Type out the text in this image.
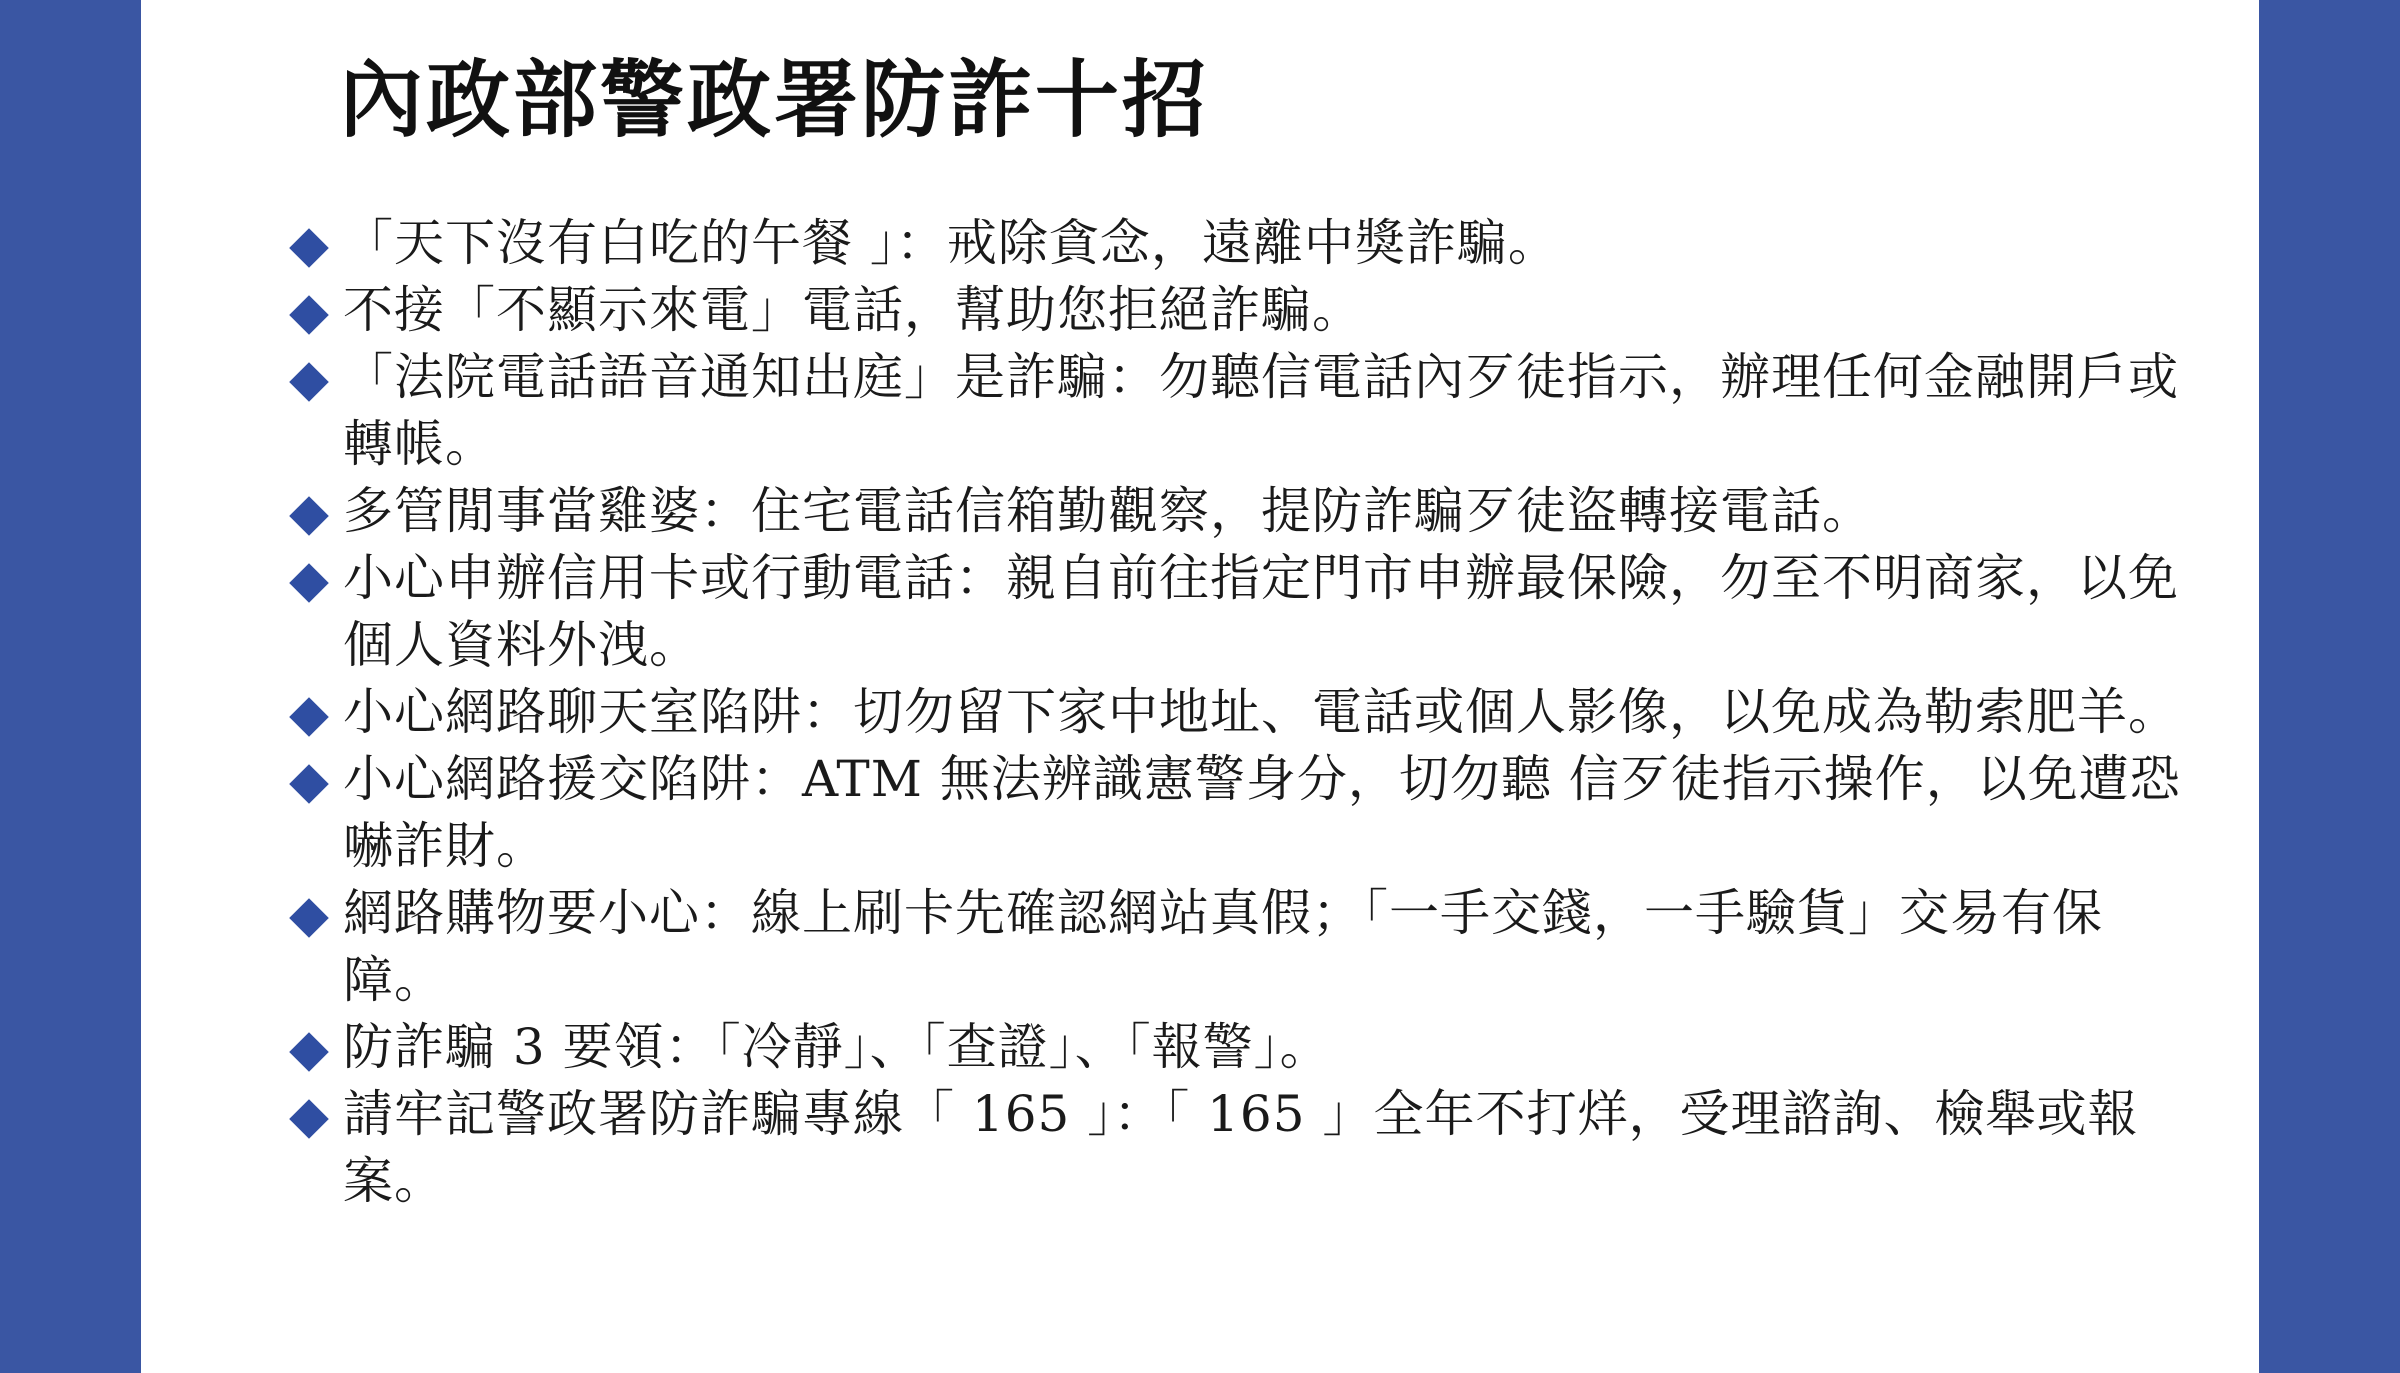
內政部警政署防詐十招
「天下沒有白吃的午餐 」：戒除貪念，遠離中獎詐騙。
不接「不顯示來電」電話，幫助您拒絕詐騙。
「法院電話語音通知出庭」是詐騙：勿聽信電話內歹徒指示，辦理任何金融開戶或轉帳。
多管閒事當雞婆：住宅電話信箱勤觀察，提防詐騙歹徒盜轉接電話。
小心申辦信用卡或行動電話：親自前往指定門市申辦最保險，勿至不明商家，以免個人資料外洩。
小心網路聊天室陷阱：切勿留下家中地址、電話或個人影像，以免成為勒索肥羊。
小心網路援交陷阱：ATM 無法辨識憲警身分，切勿聽 信歹徒指示操作，以免遭恐嚇詐財。
網路購物要小心：線上刷卡先確認網站真假；「一手交錢，一手驗貨」交易有保障。
防詐騙 3 要領：「冷靜」、「查證」、「報警」。
請牢記警政署防詐騙專線「 165 」：「 165 」全年不打烊，受理諮詢、檢舉或報案。
